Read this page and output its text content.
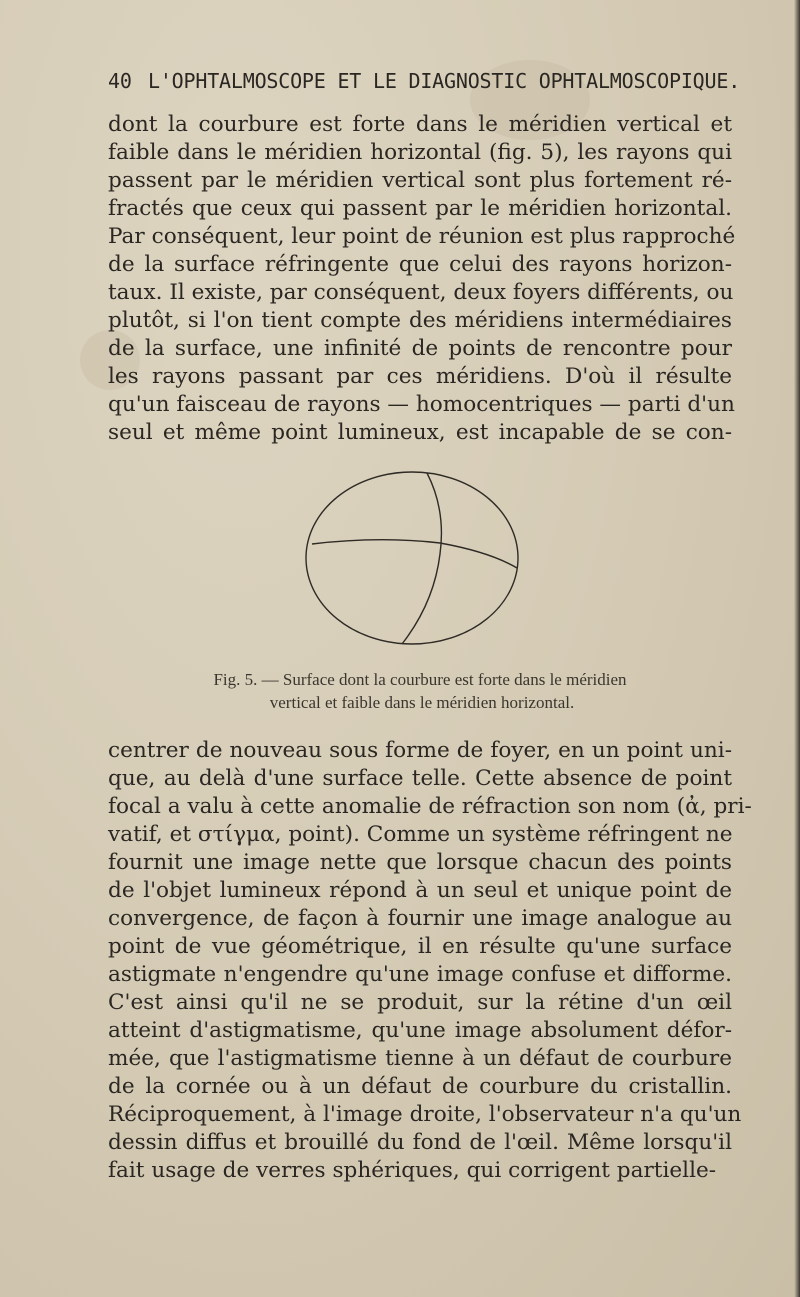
40 L'OPHTALMOSCOPE ET LE DIAGNOSTIC OPHTALMOSCOPIQUE.
dont la courbure est forte dans le méridien vertical et
faible dans le méridien horizontal (fig. 5), les rayons qui
passent par le méridien vertical sont plus fortement ré-
fractés que ceux qui passent par le méridien horizontal.
Par conséquent, leur point de réunion est plus rapproché
de la surface réfringente que celui des rayons horizon-
taux. Il existe, par conséquent, deux foyers différents, ou
plutôt, si l'on tient compte des méridiens intermédiaires
de la surface, une infinité de points de rencontre pour
les rayons passant par ces méridiens. D'où il résulte
qu'un faisceau de rayons — homocentriques — parti d'un
seul et même point lumineux, est incapable de se con-
Fig. 5. — Surface dont la courbure est forte dans le méridien
vertical et faible dans le méridien horizontal.
centrer de nouveau sous forme de foyer, en un point uni-
que, au delà d'une surface telle. Cette absence de point
focal a valu à cette anomalie de réfraction son nom (ἀ, pri-
vatif, et στίγμα, point). Comme un système réfringent ne
fournit une image nette que lorsque chacun des points
de l'objet lumineux répond à un seul et unique point de
convergence, de façon à fournir une image analogue au
point de vue géométrique, il en résulte qu'une surface
astigmate n'engendre qu'une image confuse et difforme.
C'est ainsi qu'il ne se produit, sur la rétine d'un œil
atteint d'astigmatisme, qu'une image absolument défor-
mée, que l'astigmatisme tienne à un défaut de courbure
de la cornée ou à un défaut de courbure du cristallin.
Réciproquement, à l'image droite, l'observateur n'a qu'un
dessin diffus et brouillé du fond de l'œil. Même lorsqu'il
fait usage de verres sphériques, qui corrigent partielle-
